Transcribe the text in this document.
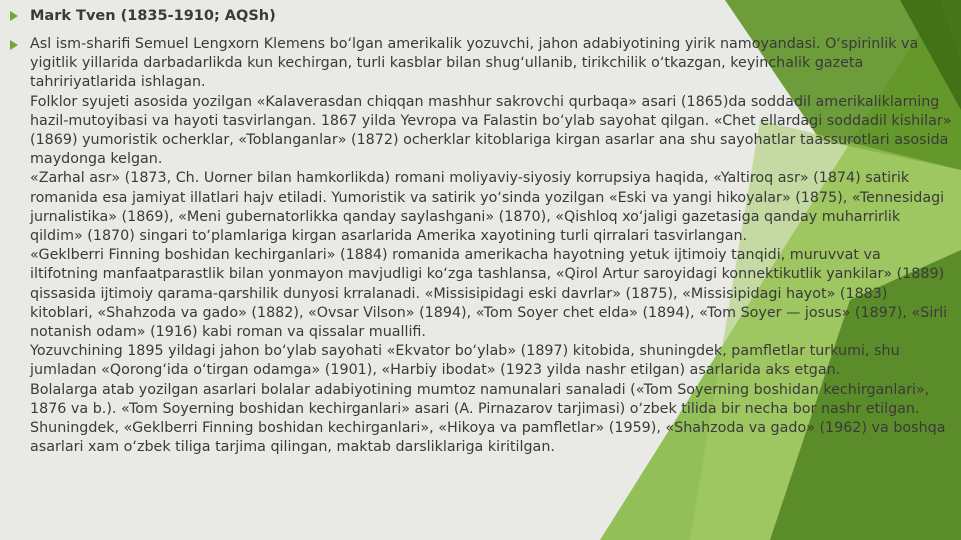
Mark Tven (1835-1910; AQSh)

Asl ism-sharifi Semuel Lengxorn Klemens bo‘lgan amerikalik yozuvchi, jahon adabiyotining yirik namoyandasi. O‘spirinlik va yigitlik yillarida darbadarlikda kun kechirgan, turli kasblar bilan shug‘ullanib, tirikchilik o‘tkazgan, keyinchalik gazeta tahririyatlarida ishlagan.

Folklor syujeti asosida yozilgan «Kalaverasdan chiqqan mashhur sakrovchi qurbaqa» asari (1865)da soddadil amerikaliklarning hazil-mutoyibasi va hayoti tasvirlangan. 1867 yilda Yevropa va Falastin bo‘ylab sayohat qilgan. «Chet ellardagi soddadil kishilar» (1869) yumoristik ocherklar, «Toblanganlar» (1872) ocherklar kitoblariga kirgan asarlar ana shu sayohatlar taassurotlari asosida maydonga kelgan.

«Zarhal asr» (1873, Ch. Uorner bilan hamkorlikda) romani moliyaviy-siyosiy korrupsiya haqida, «Yaltiroq asr» (1874) satirik romanida esa jamiyat illatlari hajv etiladi. Yumoristik va satirik yo‘sinda yozilgan «Eski va yangi hikoyalar» (1875), «Tennesidagi jurnalistika» (1869), «Meni gubernatorlikka qanday saylashgani» (1870), «Qishloq xo‘jaligi gazetasiga qanday muharrirlik qildim» (1870) singari to‘plamlariga kirgan asarlarida Amerika xayotining turli qirralari tasvirlangan.

«Geklberri Finning boshidan kechirganlari» (1884) romanida amerikacha hayotning yetuk ijtimoiy tanqidi, muruvvat va iltifotning manfaatparastlik bilan yonmayon mavjudligi ko‘zga tashlansa, «Qirol Artur saroyidagi konnektikutlik yankilar» (1889) qissasida ijtimoiy qarama-qarshilik dunyosi krralanadi. «Missisipidagi eski davrlar» (1875), «Missisipidagi hayot» (1883) kitoblari, «Shahzoda va gado» (1882), «Ovsar Vilson» (1894), «Tom Soyer chet elda» (1894), «Tom Soyer — josus» (1897), «Sirli notanish odam» (1916) kabi roman va qissalar muallifi.

Yozuvchining 1895 yildagi jahon bo‘ylab sayohati «Ekvator bo‘ylab» (1897) kitobida, shuningdek, pamfletlar turkumi, shu jumladan «Qorong‘ida o‘tirgan odamga» (1901), «Harbiy ibodat» (1923 yilda nashr etilgan) asarlarida aks etgan.

Bolalarga atab yozilgan asarlari bolalar adabiyotining mumtoz namunalari sanaladi («Tom Soyerning boshidan kechirganlari», 1876 va b.). «Tom Soyerning boshidan kechirganlari» asari (A. Pirnazarov tarjimasi) o‘zbek tilida bir necha bor nashr etilgan. Shuningdek, «Geklberri Finning boshidan kechirganlari», «Hikoya va pamfletlar» (1959), «Shahzoda va gado» (1962) va boshqa asarlari xam o‘zbek tiliga tarjima qilingan, maktab darsliklariga kiritilgan.
